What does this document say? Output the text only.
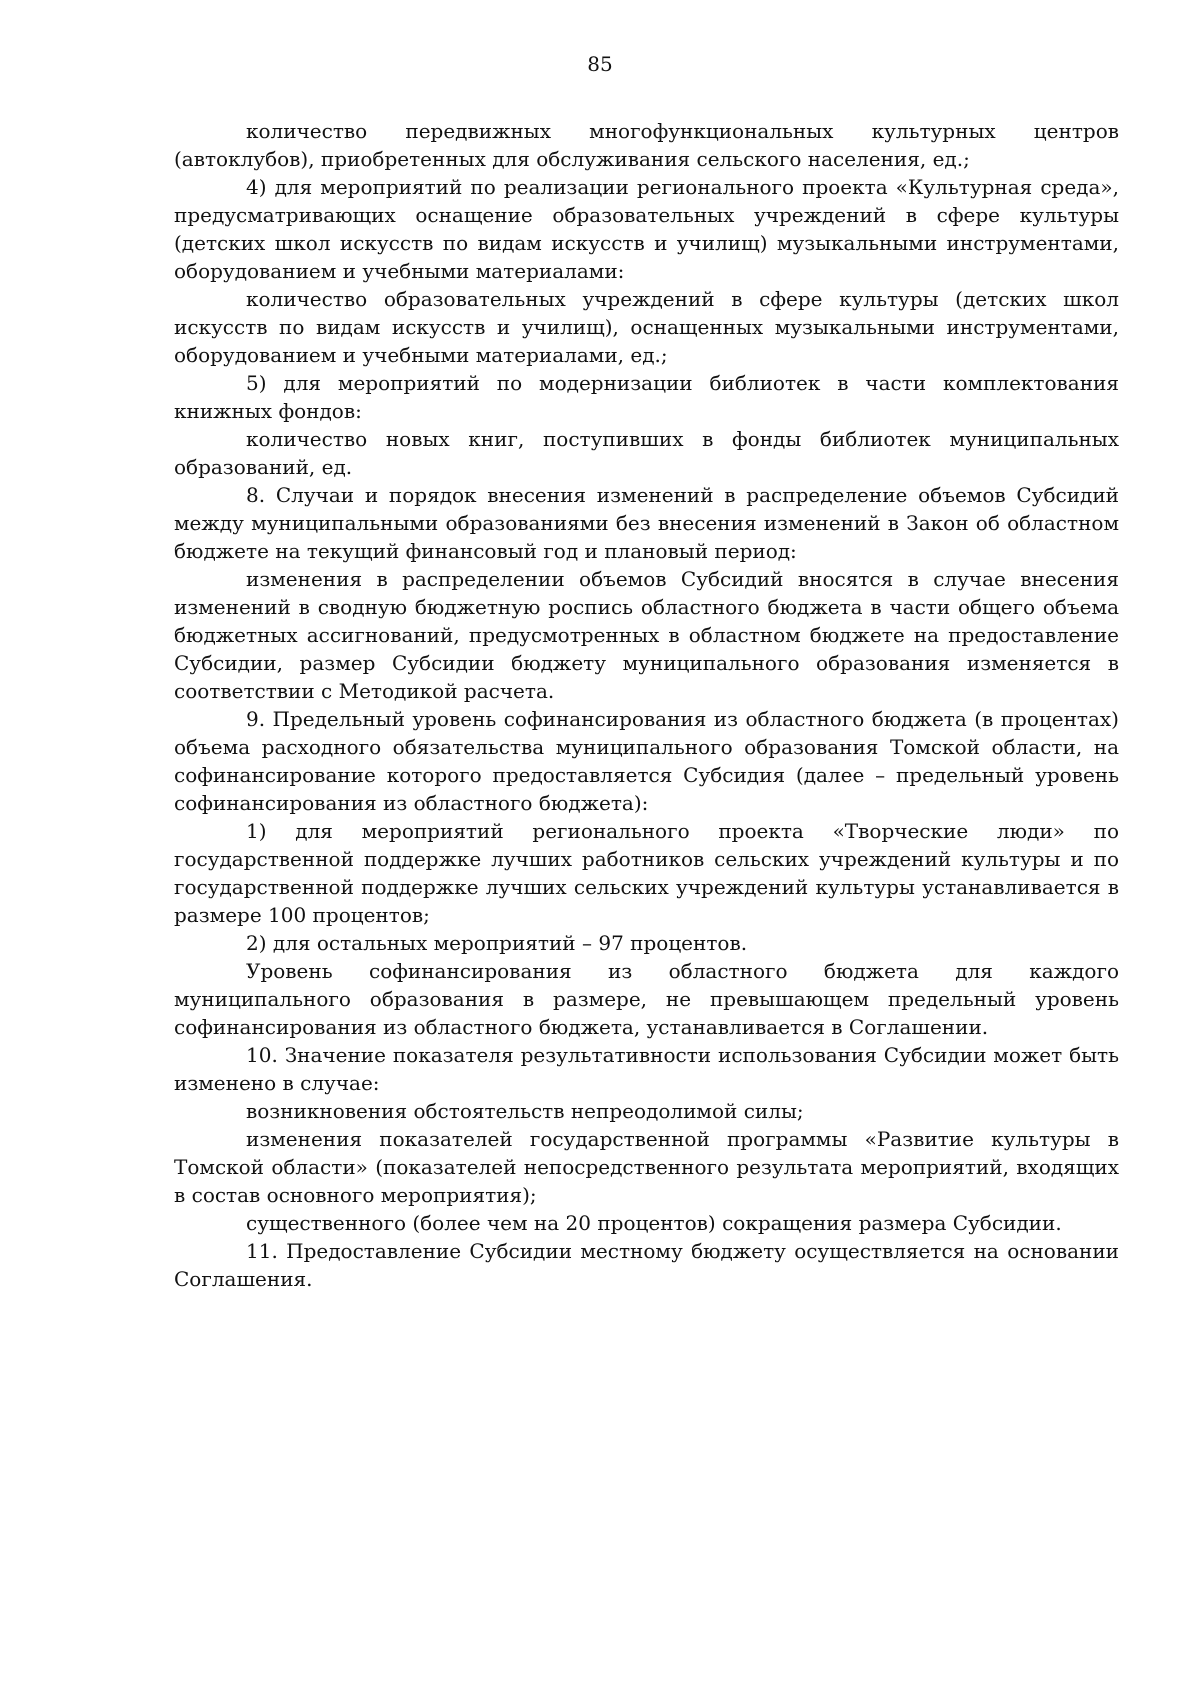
85

количество передвижных многофункциональных культурных центров (автоклубов), приобретенных для обслуживания сельского населения, ед.;

4) для мероприятий по реализации регионального проекта «Культурная среда», предусматривающих оснащение образовательных учреждений в сфере культуры (детских школ искусств по видам искусств и училищ) музыкальными инструментами, оборудованием и учебными материалами:

количество образовательных учреждений в сфере культуры (детских школ искусств по видам искусств и училищ), оснащенных музыкальными инструментами, оборудованием и учебными материалами, ед.;

5) для мероприятий по модернизации библиотек в части комплектования книжных фондов:

количество новых книг, поступивших в фонды библиотек муниципальных образований, ед.

8. Случаи и порядок внесения изменений в распределение объемов Субсидий между муниципальными образованиями без внесения изменений в Закон об областном бюджете на текущий финансовый год и плановый период:

изменения в распределении объемов Субсидий вносятся в случае внесения изменений в сводную бюджетную роспись областного бюджета в части общего объема бюджетных ассигнований, предусмотренных в областном бюджете на предоставление Субсидии, размер Субсидии бюджету муниципального образования изменяется в соответствии с Методикой расчета.

9. Предельный уровень софинансирования из областного бюджета (в процентах) объема расходного обязательства муниципального образования Томской области, на софинансирование которого предоставляется Субсидия (далее – предельный уровень софинансирования из областного бюджета):

1) для мероприятий регионального проекта «Творческие люди» по государственной поддержке лучших работников сельских учреждений культуры и по государственной поддержке лучших сельских учреждений культуры устанавливается в размере 100 процентов;

2) для остальных мероприятий – 97 процентов.

Уровень софинансирования из областного бюджета для каждого муниципального образования в размере, не превышающем предельный уровень софинансирования из областного бюджета, устанавливается в Соглашении.

10. Значение показателя результативности использования Субсидии может быть изменено в случае:

возникновения обстоятельств непреодолимой силы;

изменения показателей государственной программы «Развитие культуры в Томской области» (показателей непосредственного результата мероприятий, входящих в состав основного мероприятия);

существенного (более чем на 20 процентов) сокращения размера Субсидии.

11. Предоставление Субсидии местному бюджету осуществляется на основании Соглашения.
